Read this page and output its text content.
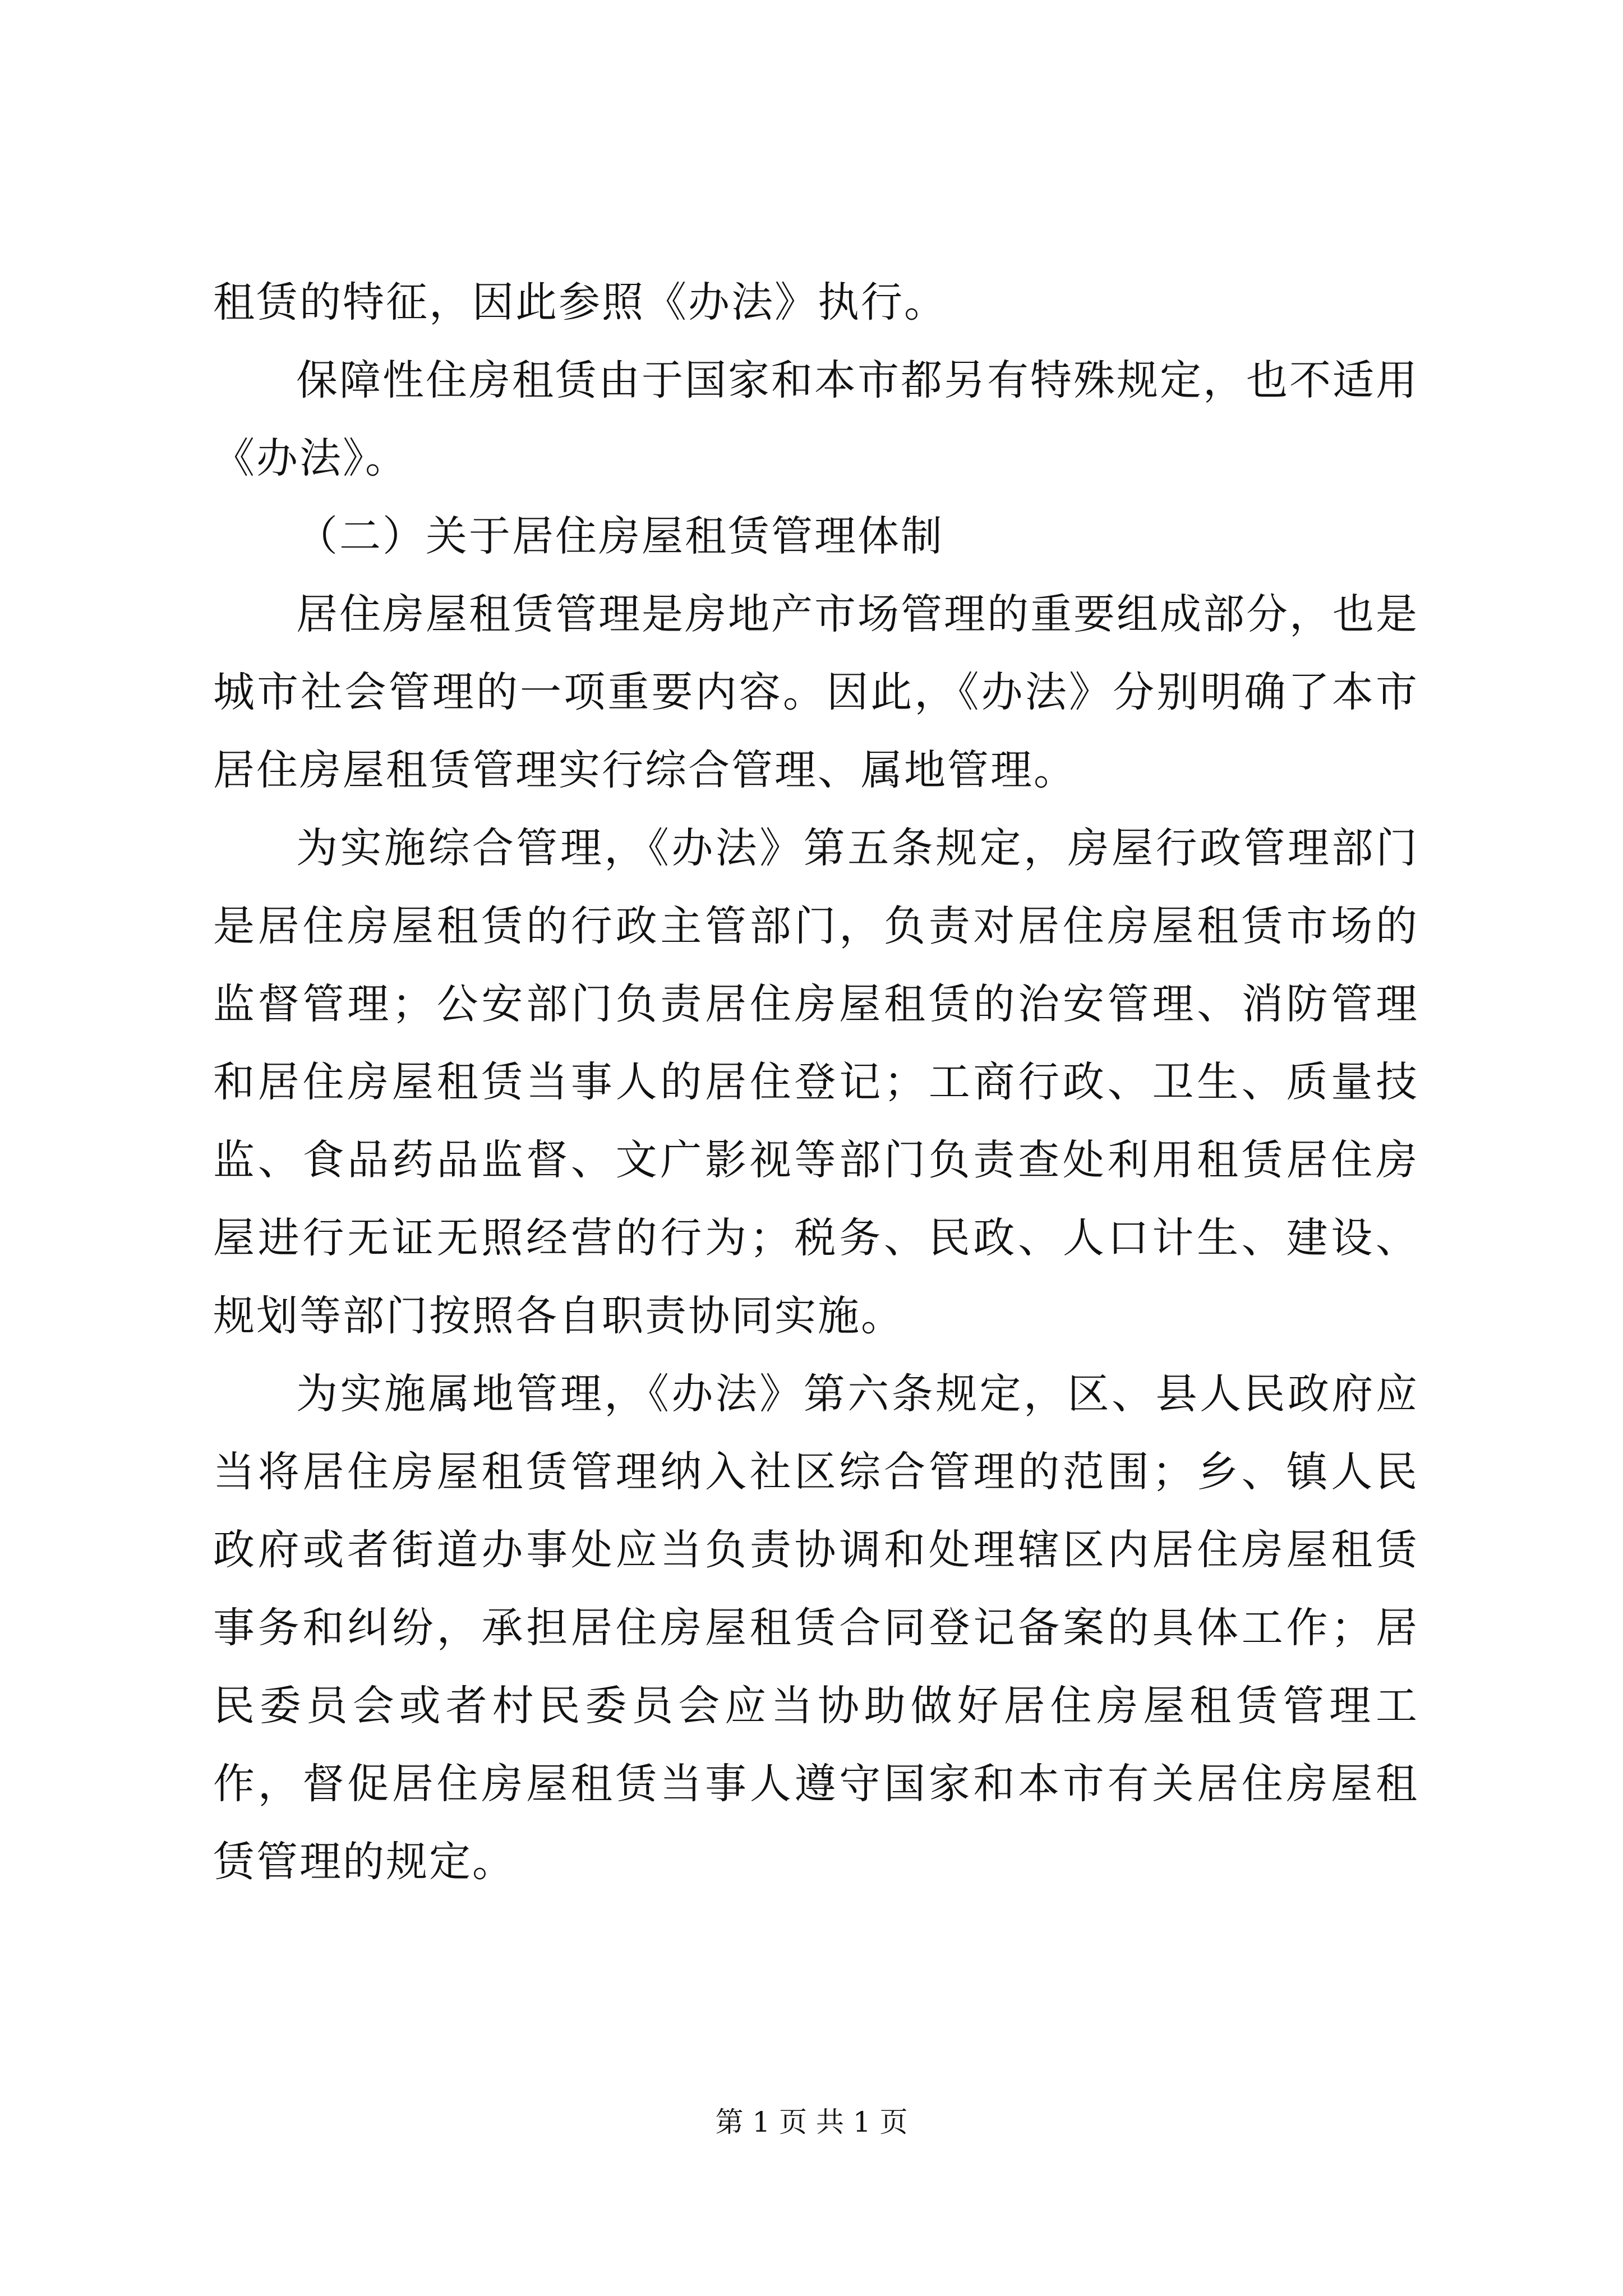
租赁的特征，因此参照《办法》执行。

保障性住房租赁由于国家和本市都另有特殊规定，也不适用《办法》。

（二）关于居住房屋租赁管理体制

居住房屋租赁管理是房地产市场管理的重要组成部分，也是城市社会管理的一项重要内容。因此，《办法》分别明确了本市居住房屋租赁管理实行综合管理、属地管理。

为实施综合管理，《办法》第五条规定，房屋行政管理部门是居住房屋租赁的行政主管部门，负责对居住房屋租赁市场的监督管理；公安部门负责居住房屋租赁的治安管理、消防管理和居住房屋租赁当事人的居住登记；工商行政、卫生、质量技监、食品药品监督、文广影视等部门负责查处利用租赁居住房屋进行无证无照经营的行为；税务、民政、人口计生、建设、规划等部门按照各自职责协同实施。

为实施属地管理，《办法》第六条规定，区、县人民政府应当将居住房屋租赁管理纳入社区综合管理的范围；乡、镇人民政府或者街道办事处应当负责协调和处理辖区内居住房屋租赁事务和纠纷，承担居住房屋租赁合同登记备案的具体工作；居民委员会或者村民委员会应当协助做好居住房屋租赁管理工作，督促居住房屋租赁当事人遵守国家和本市有关居住房屋租赁管理的规定。

第 1 页 共 1 页
